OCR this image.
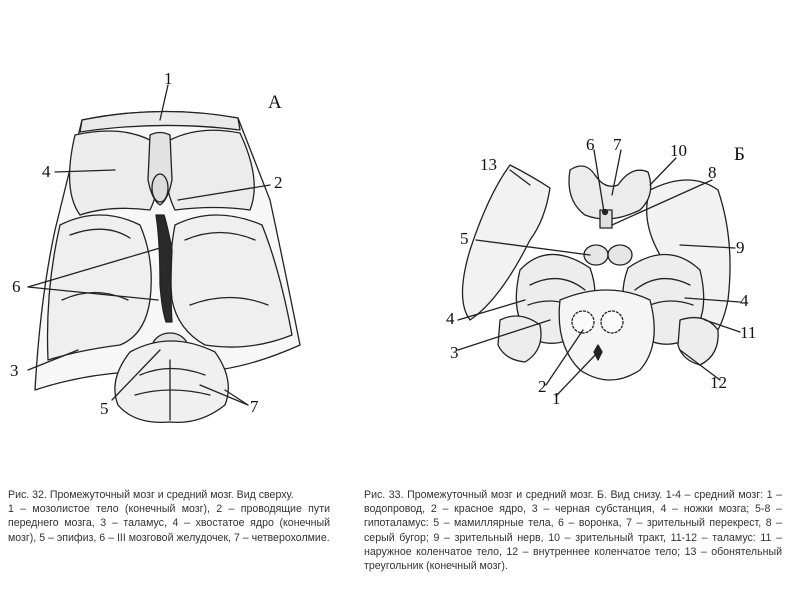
А
1
2
3
4
5
6
7
Б
1
2
3
4
4
5
6 7
8
9
10
11
12
13

Рис. 32. Промежуточный мозг и средний мозг. Вид сверху.

1 – мозолистое тело (конечный мозг), 2 – проводящие пути переднего мозга, 3 – таламус, 4 – хвостатое ядро (конечный мозг), 5 – эпифиз, 6 – III мозговой желудочек, 7 – четверохолмие.

Рис. 33. Промежуточный мозг и средний мозг. Б. Вид снизу. 1-4 – средний мозг: 1 – водопровод, 2 – красное ядро, 3 – черная субстанция, 4 – ножки мозга; 5-8 – гипоталамус: 5 – мамиллярные тела, 6 – воронка, 7 – зрительный перекрест, 8 – серый бугор; 9 – зрительный нерв, 10 – зрительный тракт, 11-12 – таламус: 11 – наружное коленчатое тело, 12 – внутреннее коленчатое тело; 13 – обонятельный треугольник (конечный мозг).
